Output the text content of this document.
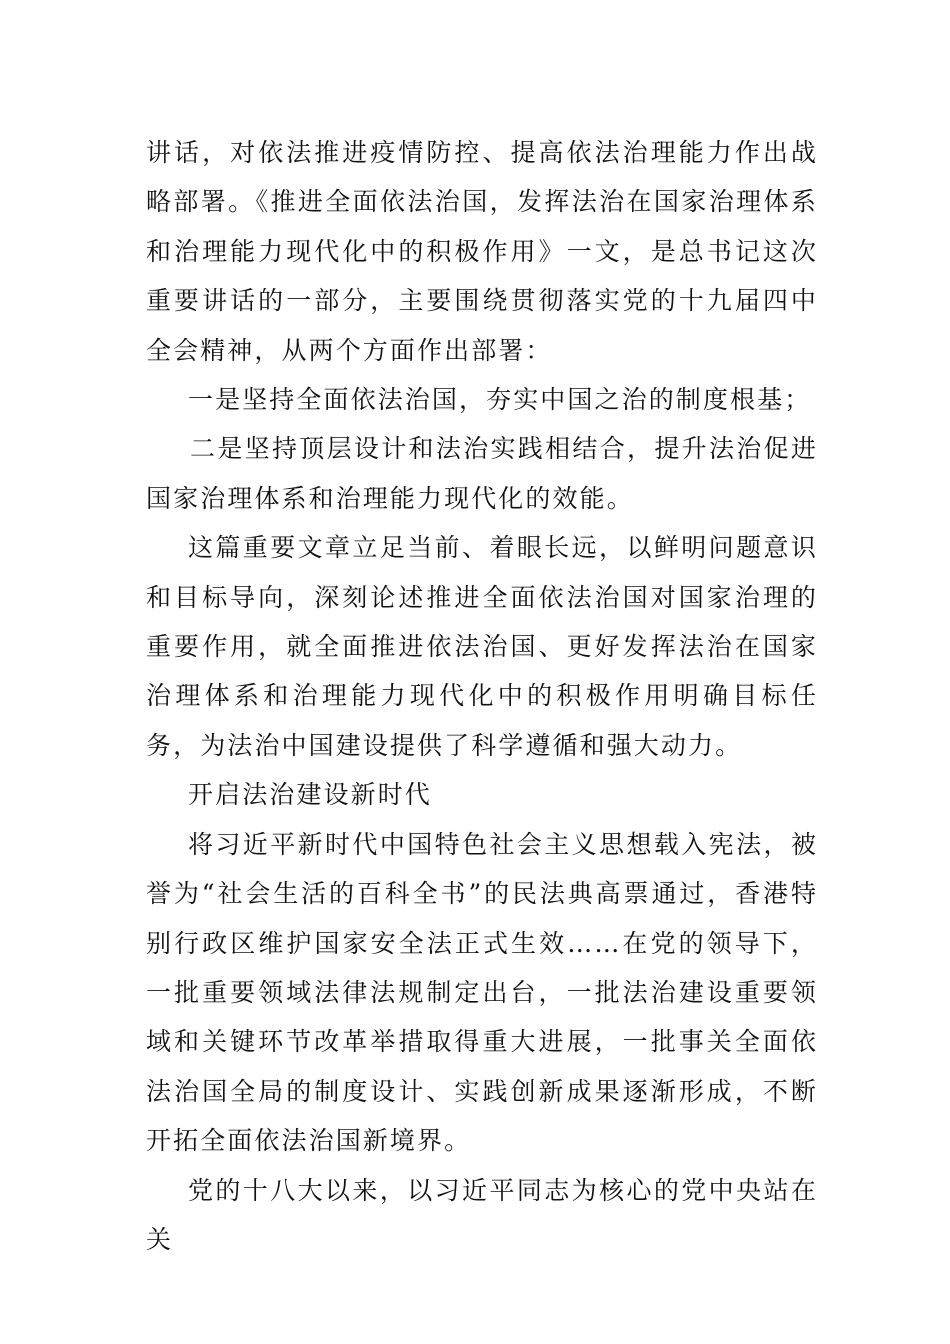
讲话，对依法推进疫情防控、提高依法治理能力作出战略部署。《推进全面依法治国，发挥法治在国家治理体系和治理能力现代化中的积极作用》一文，是总书记这次重要讲话的一部分，主要围绕贯彻落实党的十九届四中全会精神，从两个方面作出部署：

一是坚持全面依法治国，夯实中国之治的制度根基；

二是坚持顶层设计和法治实践相结合，提升法治促进国家治理体系和治理能力现代化的效能。

这篇重要文章立足当前、着眼长远，以鲜明问题意识和目标导向，深刻论述推进全面依法治国对国家治理的重要作用，就全面推进依法治国、更好发挥法治在国家治理体系和治理能力现代化中的积极作用明确目标任务，为法治中国建设提供了科学遵循和强大动力。

开启法治建设新时代

将习近平新时代中国特色社会主义思想载入宪法，被誉为“社会生活的百科全书”的民法典高票通过，香港特别行政区维护国家安全法正式生效……在党的领导下，一批重要领域法律法规制定出台，一批法治建设重要领域和关键环节改革举措取得重大进展，一批事关全面依法治国全局的制度设计、实践创新成果逐渐形成，不断开拓全面依法治国新境界。

党的十八大以来，以习近平同志为核心的党中央站在关
